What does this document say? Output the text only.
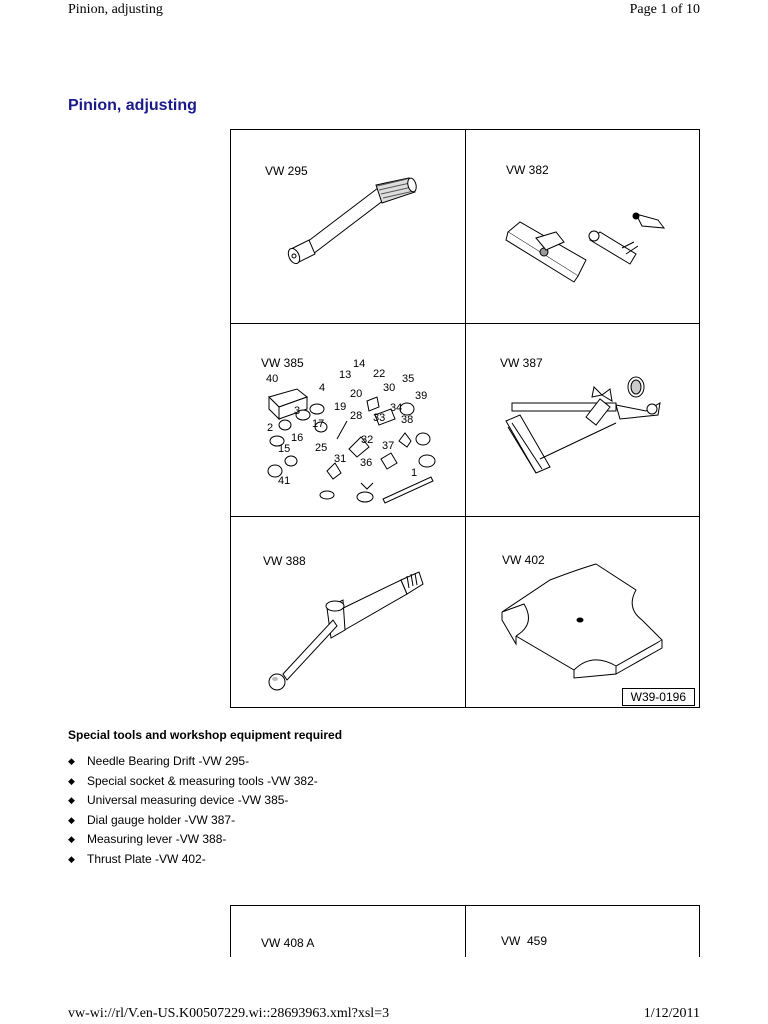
Pinion, adjusting	Page 1 of 10
Pinion, adjusting
VW 295	VW 382
VW 385	14
13 22
40	35
4 20 30
39
19	34
3	28 33 38
2	17
16	32
15 25	37
31 36
1
41
VW 387
VW 388	VW 402
W39-0196
Special tools and workshop equipment required
◆ Needle Bearing Drift -VW 295-
◆ Special socket & measuring tools -VW 382-
◆ Universal measuring device -VW 385-
◆ Dial gauge holder -VW 387-
◆ Measuring lever -VW 388-
◆ Thrust Plate -VW 402-
VW 408 A	VW  459
vw-wi://rl/V.en-US.K00507229.wi::28693963.xml?xsl=3	1/12/2011
